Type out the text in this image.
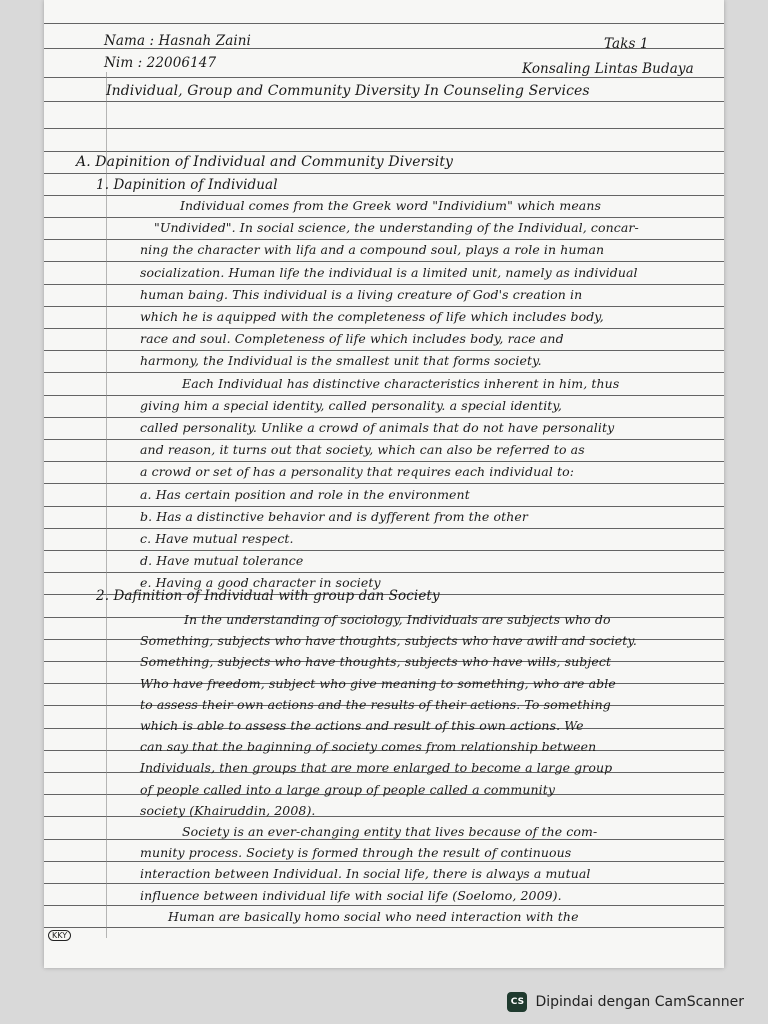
Nama : Hasnah Zaini
Nim : 22006147
Taks 1
Konsaling Lintas Budaya
Individual, Group and Community Diversity In Counseling Services
A. Dapinition of Individual and Community Diversity
1. Dapinition of Individual
Individual comes from the Greek word "Individium" which means
"Undivided". In social science, the understanding of the Individual, concar-
ning the character with lifa and a compound soul, plays a role in human
socialization. Human life the individual is a limited unit, namely as individual
human baing. This individual is a living creature of God's creation in
which he is aquipped with the completeness of life which includes body,
race and soul. Completeness of life which includes body, race and
harmony, the Individual is the smallest unit that forms society.
Each Individual has distinctive characteristics inherent in him, thus
giving him a special identity, called personality. a special identity,
called personality. Unlike a crowd of animals that do not have personality
and reason, it turns out that society, which can also be referred to as
a crowd or set of has a personality that requires each individual to:
a. Has certain position and role in the environment
b. Has a distinctive behavior and is dyfferent from the other
c. Have mutual respect.
d. Have mutual tolerance
e. Having a good character in society
2. Dafinition of Individual with group dan Society
In the understanding of sociology, Individuals are subjects who do
Something, subjects who have thoughts, subjects who have awill and society.
Something, subjects who have thoughts, subjects who have wills, subject
Who have freedom, subject who give meaning to something, who are able
to assess their own actions and the results of their actions. To something
which is able to assess the actions and result of this own actions. We
can say that the baginning of society comes from relationship between
Individuals, then groups that are more enlarged to become a large group
of people called into a large group of people called a community
society (Khairuddin, 2008).
Society is an ever-changing entity that lives because of the com-
munity process. Society is formed through the result of continuous
interaction between Individual. In social life, there is always a mutual
influence between individual life with social life (Soelomo, 2009).
Human are basically homo social who need interaction with the
KKY
CS Dipindai dengan CamScanner
